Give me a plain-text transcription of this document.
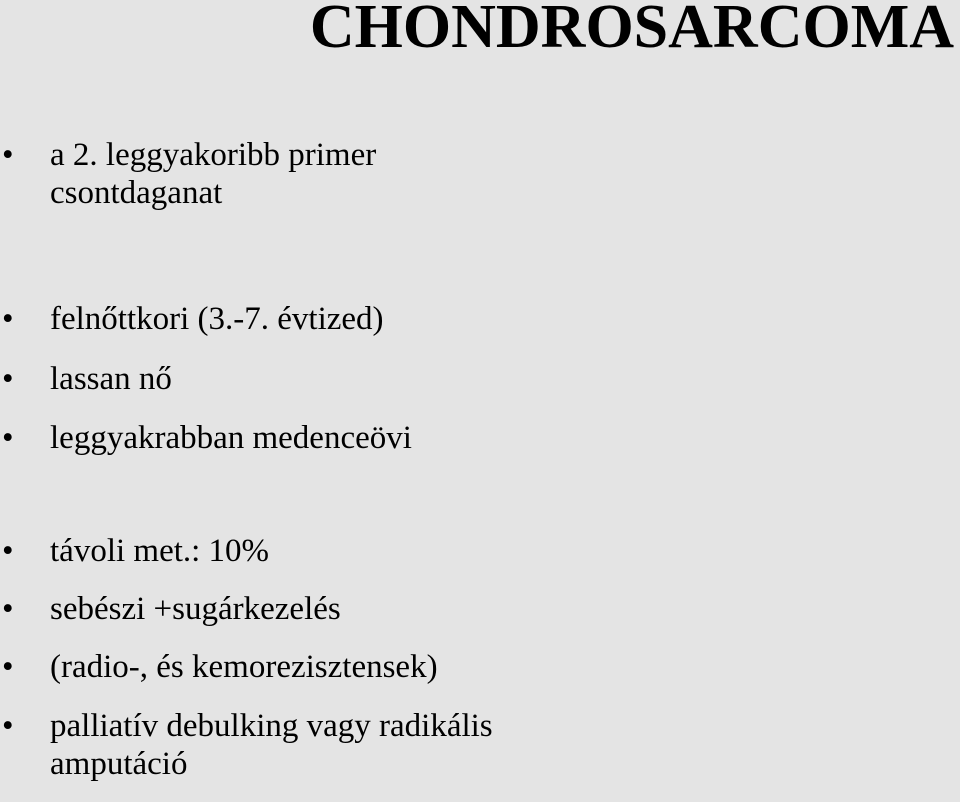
CHONDROSARCOMA
• a 2. leggyakoribb primer
csontdaganat
• felnőttkori (3.-7. évtized)
• lassan nő
• leggyakrabban medenceövi
• távoli met.: 10%
• sebészi +sugárkezelés
• (radio-, és kemorezisztensek)
• palliatív debulking vagy radikális
amputáció
